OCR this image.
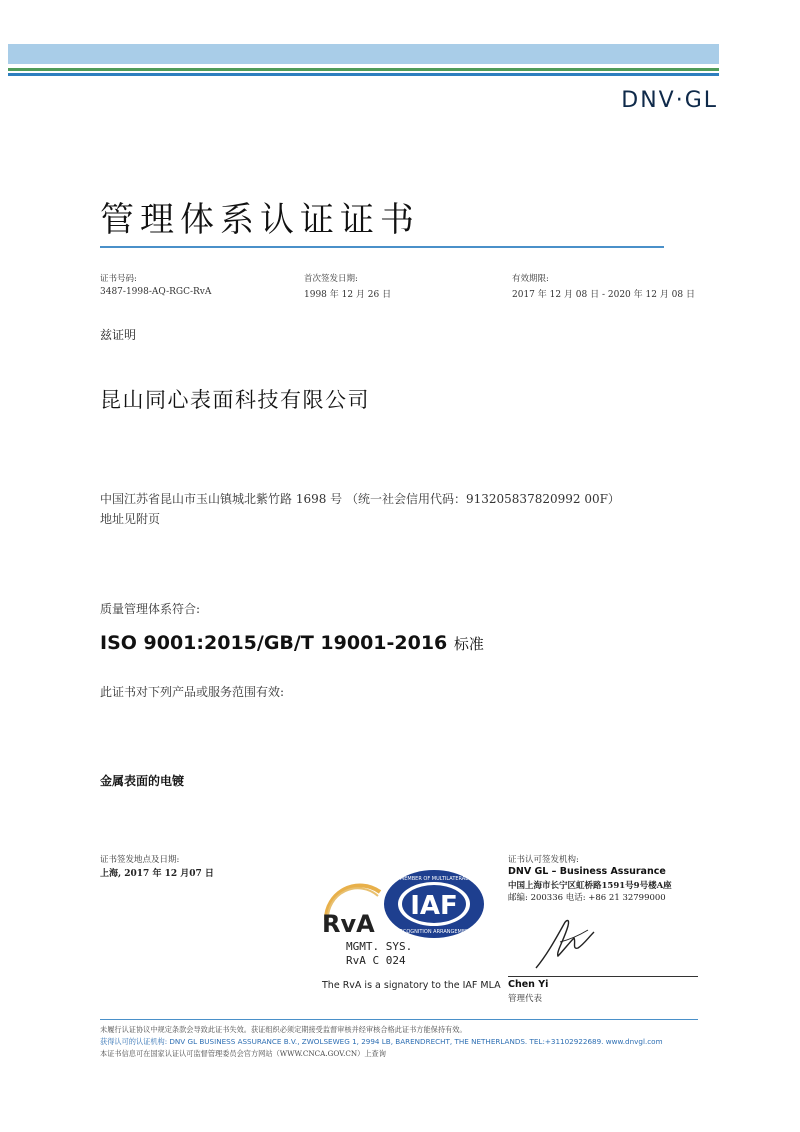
DNV·GL
管理体系认证证书
证书号码:
3487-1998-AQ-RGC-RvA
首次签发日期:
1998 年 12 月 26 日
有效期限:
2017 年 12 月 08 日 - 2020 年 12 月 08 日
兹证明
昆山同心表面科技有限公司
中国江苏省昆山市玉山镇城北紫竹路 1698 号 （统一社会信用代码：913205837820992 00F）
地址见附页
质量管理体系符合:
ISO 9001:2015/GB/T 19001-2016 标准
此证书对下列产品或服务范围有效:
金属表面的电镀
证书签发地点及日期:
上海, 2017 年 12 月07 日
RvA
MGMT. SYS.
RvA C 024
IAF
MEMBER OF MULTILATERAL
RECOGNITION ARRANGEMENT
The RvA is a signatory to the IAF MLA
证书认可签发机构:
DNV GL – Business Assurance
中国上海市长宁区虹桥路1591号9号楼A座
邮编: 200336 电话: +86 21 32799000
Chen Yi
管理代表
未履行认证协议中规定条款会导致此证书失效。获证组织必须定期接受监督审核并经审核合格此证书方能保持有效。
获得认可的认证机构: DNV GL BUSINESS ASSURANCE B.V., ZWOLSEWEG 1, 2994 LB, BARENDRECHT, THE NETHERLANDS. TEL:+31102922689. www.dnvgl.com
本证书信息可在国家认证认可监督管理委员会官方网站（WWW.CNCA.GOV.CN）上查询
